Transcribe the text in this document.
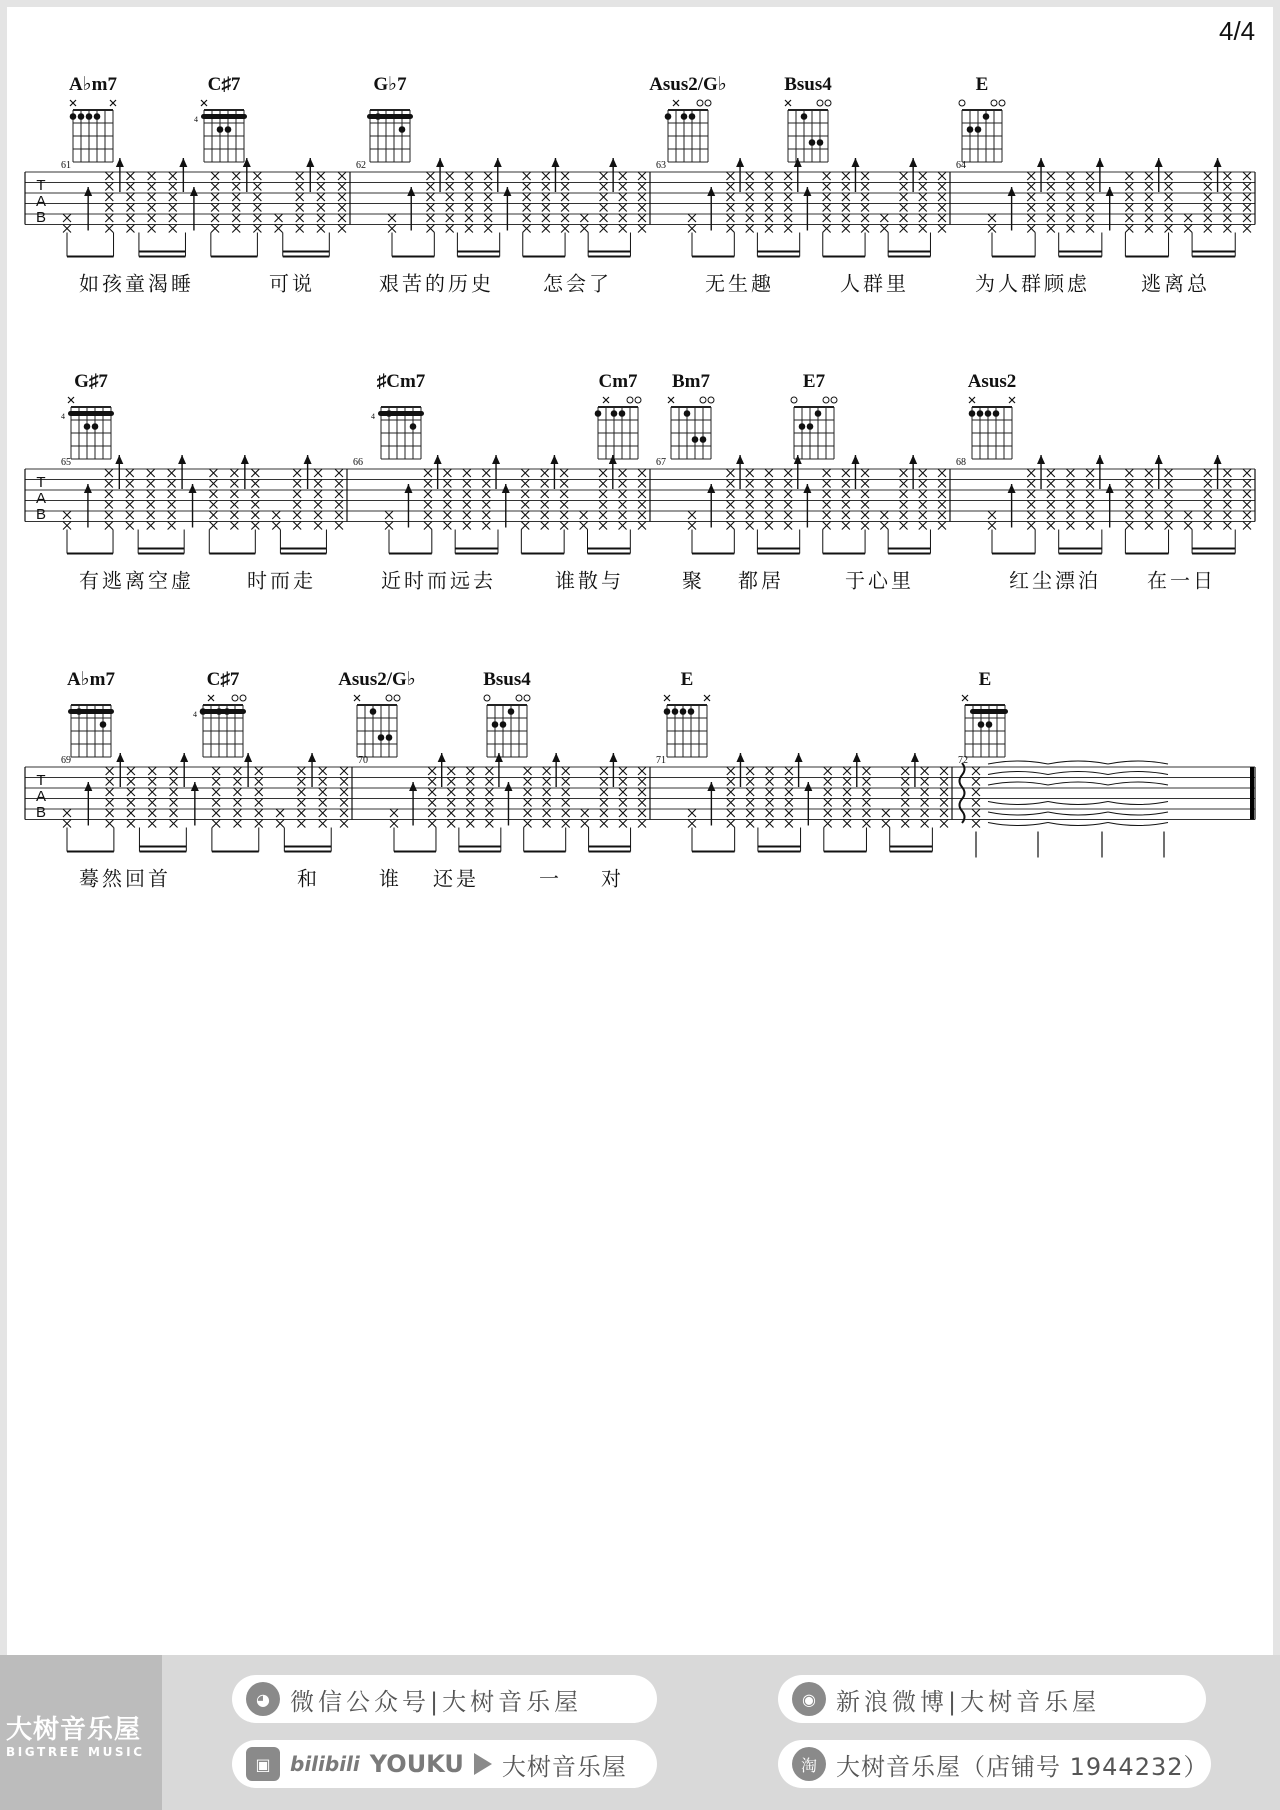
A♭m7	C♯7
4
G♭7	Asus2/G♭	Bsus4	E
T
A
B
61	62	63	64
如孩童渴睡	可说	艰苦的历史 怎会了	无生趣	人群里	为人群顾虑	逃离总
G♯7
4
♯Cm7
4
Cm7 Bm7	E7	Asus2
T
A
B
65	66	67	68
有逃离空虚	时而走	近时而远去	谁散与	聚 都居	于心里	红尘漂泊 在一日
A♭m7	C♯7
4
Asus2/G♭	Bsus4	E	E
T
A
B
69	70	71	72
蓦然回首	和	谁 还是	一 对
4/4
大树音乐屋
BIGTREE MUSIC
◕ 微信公众号|大树音乐屋	◉ 新浪微博|大树音乐屋
▣ bilibili YOUKU 大树音乐屋	淘 大树音乐屋（店铺号 1944232）
